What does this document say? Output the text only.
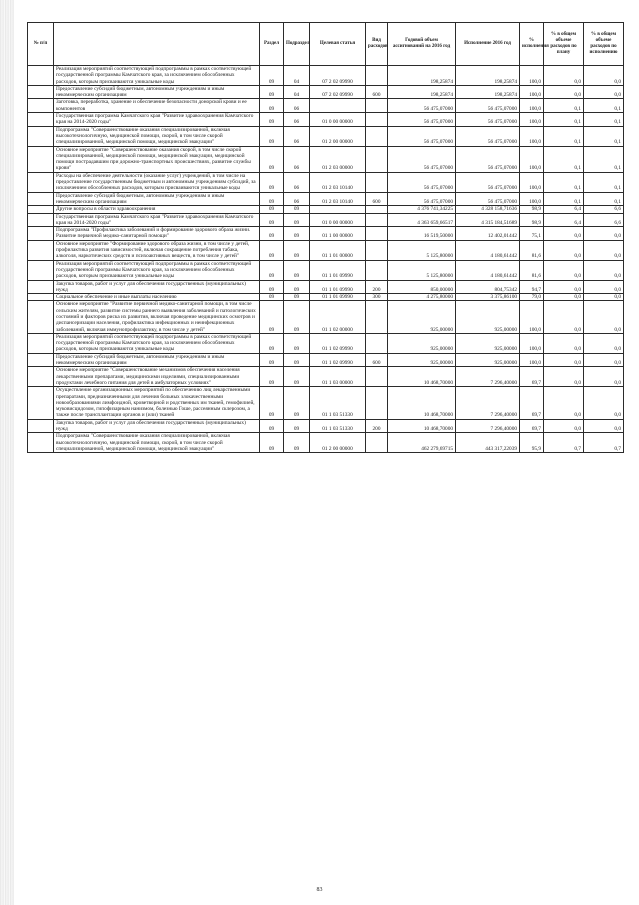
№ п/п		Раздел	Подраздел	Целевая статья	Вид расходов	Годовой объем ассигнований на 2016 год	Исполнение 2016 год	% исполнения	% в общем объеме расходов по плану	% в общем объеме расходов по исполнению
	Реализация мероприятий соответствующей подпрограммы в рамках соответствующей государственной программы Камчатского края, за исключением обособленных расходов, которым присваиваются уникальные коды	09	04	07 2 02 09990		198,25874	198,25874	100,0	0,0	0,0
	Предоставление субсидий бюджетным, автономным учреждениям и иным некоммерческим организациям	09	04	07 2 02 09990	600	198,25874	198,25874	100,0	0,0	0,0
	Заготовка, переработка, хранение и обеспечение безопасности донорской крови и ее компонентов	09	06			56 475,07000	56 475,07000	100,0	0,1	0,1
	Государственная программа Камчатского края "Развитие здравоохранения Камчатского края на 2014-2020 годы"	09	06	01 0 00 00000		56 475,07000	56 475,07000	100,0	0,1	0,1
	Подпрограмма "Совершенствование оказания специализированной, включая высокотехнологичную, медицинской помощи, скорой, в том числе скорой специализированной, медицинской помощи, медицинской эвакуации"	09	06	01 2 00 00000		56 475,07000	56 475,07000	100,0	0,1	0,1
	Основное мероприятие "Совершенствование оказания скорой, в том числе скорой специализированной, медицинской помощи, медицинской эвакуации, медицинской помощи пострадавшим при дорожно-транспортных происшествиях, развитие службы крови"	09	06	01 2 03 00000		56 475,07000	56 475,07000	100,0	0,1	0,1
	Расходы на обеспечение деятельности (оказание услуг) учреждений, в том числе на предоставление государственным бюджетным и автономным учреждениям субсидий, за исключением обособленных расходов, которым присваиваются уникальные коды	09	06	01 2 03 10140		56 475,07000	56 475,07000	100,0	0,1	0,1
	Предоставление субсидий бюджетным, автономным учреждениям и иным некоммерческим организациям	09	06	01 2 03 10140	600	56 475,07000	56 475,07000	100,0	0,1	0,1
	Другие вопросы в области здравоохранения	09	09			4 376 741,34225	4 328 158,71636	98,9	6,4	6,6
	Государственная программа Камчатского края "Развитие здравоохранения Камчатского края на 2014-2020 годы"	09	09	01 0 00 00000		4 363 659,66517	4 315 184,51689	98,9	6,4	6,6
	Подпрограмма "Профилактика заболеваний и формирование здорового образа жизни. Развитие первичной медико-санитарной помощи"	09	09	01 1 00 00000		16 519,50000	12 402,01442	75,1	0,0	0,0
	Основное мероприятие "Формирование здорового образа жизни, в том числе у детей, профилактика развития зависимостей, включая сокращение потребления табака, алкоголя, наркотических средств и психоактивных веществ, в том числе у детей"	09	09	01 1 01 00000		5 125,80000	4 180,61442	81,6	0,0	0,0
	Реализация мероприятий соответствующей подпрограммы в рамках соответствующей государственной программы Камчатского края, за исключением обособленных расходов, которым присваиваются уникальные коды	09	09	01 1 01 09990		5 125,80000	4 180,61442	81,6	0,0	0,0
	Закупка товаров, работ и услуг для обеспечения государственных (муниципальных) нужд	09	09	01 1 01 09990	200	850,00000	804,75342	94,7	0,0	0,0
	Социальное обеспечение и иные выплаты населению	09	09	01 1 01 09990	300	4 275,80000	3 375,86100	79,0	0,0	0,0
	Основное мероприятие "Развитие первичной медико-санитарной помощи, в том числе сельским жителям, развитие системы раннего выявления заболеваний и патологических состояний и факторов риска их развития, включая проведение медицинских осмотров и диспансеризации населения, профилактика инфекционных и неинфекционных заболеваний, включая иммунопрофилактику, в том числе у детей"	09	09	01 1 02 00000		925,00000	925,00000	100,0	0,0	0,0
	Реализация мероприятий соответствующей подпрограммы в рамках соответствующей государственной программы Камчатского края, за исключением обособленных расходов, которым присваиваются уникальные коды	09	09	01 1 02 09990		925,00000	925,00000	100,0	0,0	0,0
	Предоставление субсидий бюджетным, автономным учреждениям и иным некоммерческим организациям	09	09	01 1 02 09990	600	925,00000	925,00000	100,0	0,0	0,0
	Основное мероприятие "Совершенствование механизмов обеспечения населения лекарственными препаратами, медицинскими изделиями, специализированными продуктами лечебного питания для детей в амбулаторных условиях"	09	09	01 1 03 00000		10 468,70000	7 296,40000	69,7	0,0	0,0
	Осуществление организационных мероприятий по обеспечению лиц лекарственными препаратами, предназначенными для лечения больных злокачественными новообразованиями лимфоидной, кроветворной и родственных им тканей, гемофилией, муковисцидозом, гипофизарным нанизмом, болезнью Гоше, рассеянным склерозом, а также после трансплантации органов и (или) тканей	09	09	01 1 03 51330		10 468,70000	7 296,40000	69,7	0,0	0,0
	Закупка товаров, работ и услуг для обеспечения государственных (муниципальных) нужд	09	09	01 1 03 51330	200	10 468,70000	7 296,40000	69,7	0,0	0,0
	Подпрограмма "Совершенствование оказания специализированной, включая высокотехнологичную, медицинской помощи, скорой, в том числе скорой специализированной, медицинской помощи, медицинской эвакуации"	09	09	01 2 00 00000		462 279,69715	443 317,22039	95,9	0,7	0,7
83
